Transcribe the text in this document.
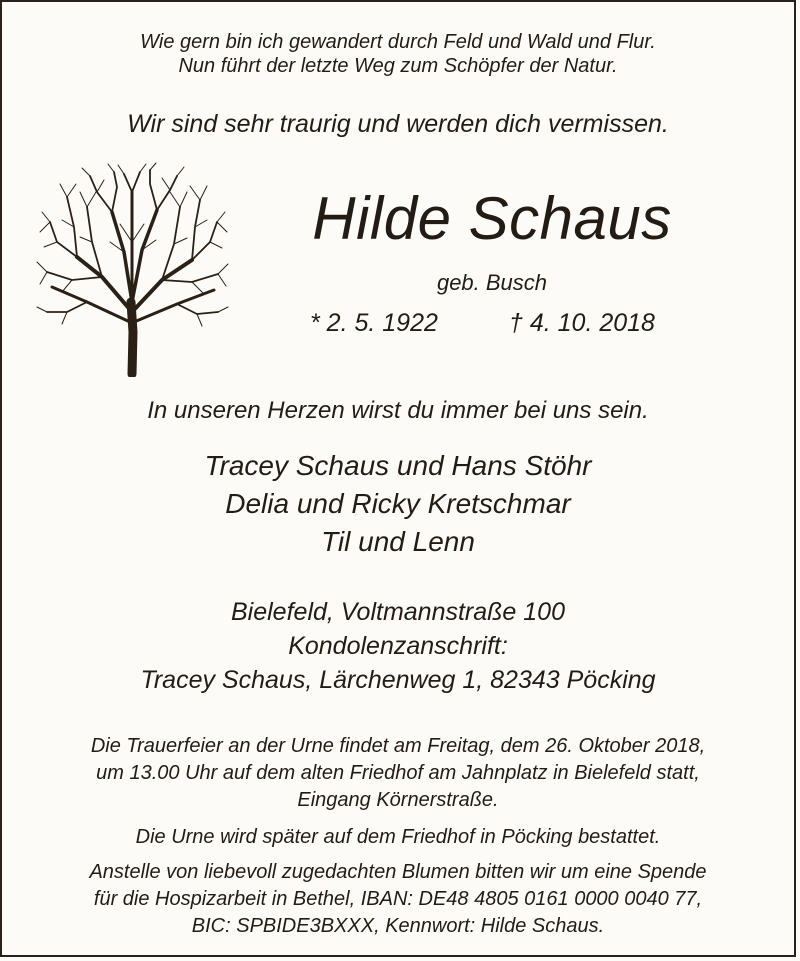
Wie gern bin ich gewandert durch Feld und Wald und Flur.
Nun führt der letzte Weg zum Schöpfer der Natur.
Wir sind sehr traurig und werden dich vermissen.
Hilde Schaus
geb. Busch
* 2. 5. 1922	† 4. 10. 2018
In unseren Herzen wirst du immer bei uns sein.
Tracey Schaus und Hans Stöhr
Delia und Ricky Kretschmar
Til und Lenn
Bielefeld, Voltmannstraße 100
Kondolenzanschrift:
Tracey Schaus, Lärchenweg 1, 82343 Pöcking
Die Trauerfeier an der Urne findet am Freitag, dem 26. Oktober 2018,
um 13.00 Uhr auf dem alten Friedhof am Jahnplatz in Bielefeld statt,
Eingang Körnerstraße.
Die Urne wird später auf dem Friedhof in Pöcking bestattet.
Anstelle von liebevoll zugedachten Blumen bitten wir um eine Spende
für die Hospizarbeit in Bethel, IBAN: DE48 4805 0161 0000 0040 77,
BIC: SPBIDE3BXXX, Kennwort: Hilde Schaus.
